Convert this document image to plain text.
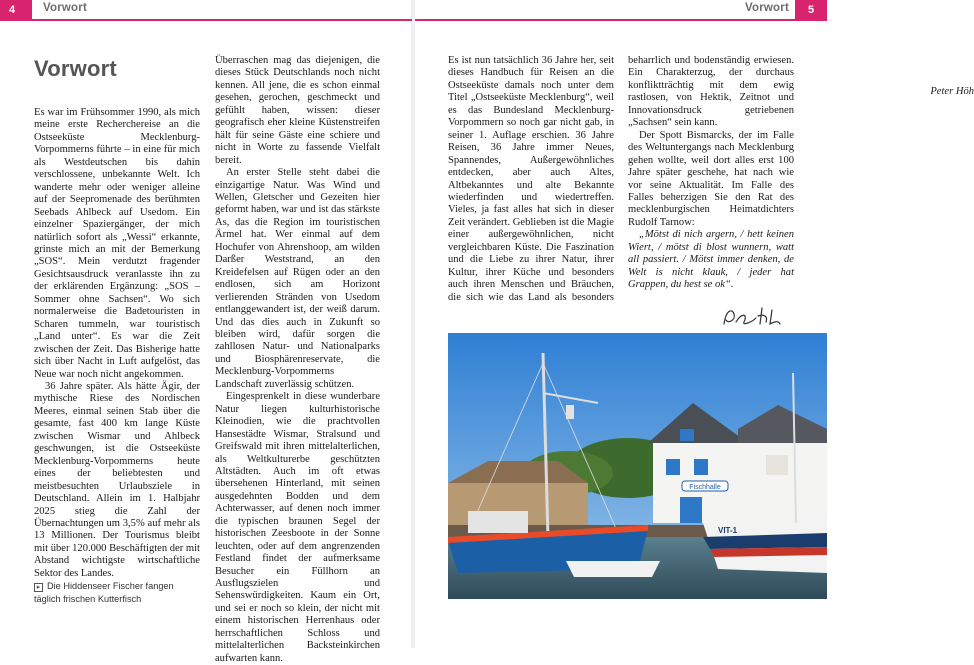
4	Vorwort
Vorwort

Es war im Frühsommer 1990, als mich meine erste Recherchereise an die Ostseeküste Mecklenburg-Vorpommerns führte – in eine für mich als Westdeutschen bis dahin verschlossene, unbekannte Welt. Ich wanderte mehr oder weniger alleine auf der Seepromenade des berühmten Seebads Ahlbeck auf Usedom. Ein einzelner Spaziergänger, der mich natürlich sofort als „Wessi“ erkannte, grinste mich an mit der Bemerkung „SOS“. Mein verdutzt fragender Gesichtsausdruck veranlasste ihn zu der erklärenden Ergänzung: „SOS – Sommer ohne Sachsen“. Wo sich normalerweise die Badetouristen in Scharen tummeln, war touristisch „Land unter“. Es war die Zeit zwischen der Zeit. Das Bisherige hatte sich über Nacht in Luft aufgelöst, das Neue war noch nicht angekommen.

36 Jahre später. Als hätte Ägir, der mythische Riese des Nordischen Meeres, einmal seinen Stab über die gesamte, fast 400 km lange Küste zwischen Wismar und Ahlbeck geschwungen, ist die Ostseeküste Mecklenburg-Vorpommerns heute eines der beliebtesten und meistbesuchten Urlaubsziele in Deutschland. Allein im 1. Halbjahr 2025 stieg die Zahl der Übernachtungen um 3,5% auf mehr als 13 Millionen. Der Tourismus bleibt mit über 120.000 Beschäftigten der mit Abstand wichtigste wirtschaftliche Sektor des Landes.

▸ Die Hiddenseer Fischer fangen täglich frischen Kutterfisch

Überraschen mag das diejenigen, die dieses Stück Deutschlands noch nicht kennen. All jene, die es schon einmal gesehen, gerochen, geschmeckt und gefühlt haben, wissen: dieser geografisch eher kleine Küstenstreifen hält für seine Gäste eine schiere und nicht in Worte zu fassende Vielfalt bereit.

An erster Stelle steht dabei die einzigartige Natur. Was Wind und Wellen, Gletscher und Gezeiten hier geformt haben, war und ist das stärkste As, das die Region im touristischen Ärmel hat. Wer einmal auf dem Hochufer von Ahrenshoop, am wilden Darßer Weststrand, an den Kreidefelsen auf Rügen oder an den endlosen, sich am Horizont verlierenden Stränden von Usedom entlanggewandert ist, der weiß darum. Und das dies auch in Zukunft so bleiben wird, dafür sorgen die zahllosen Natur- und Nationalparks und Biosphärenreservate, die Mecklenburg-Vorpommerns Landschaft zuverlässig schützen.

Eingesprenkelt in diese wunderbare Natur liegen kulturhistorische Kleinodien, wie die prachtvollen Hansestädte Wismar, Stralsund und Greifswald mit ihren mittelalterlichen, als Weltkulturerbe geschützten Altstädten. Auch im oft etwas übersehenen Hinterland, mit seinen ausgedehnten Bodden und dem Achterwasser, auf denen noch immer die typischen braunen Segel der historischen Zeesboote in der Sonne leuchten, oder auf dem angrenzenden Festland findet der aufmerksame Besucher ein Füllhorn an Ausflugszielen und Sehenswürdigkeiten. Kaum ein Ort, und sei er noch so klein, der nicht mit einem historischen Herrenhaus oder herrschaftlichen Schloss und mittelalterlichen Backsteinkirchen aufwarten kann.

Vorwort	5

Es ist nun tatsächlich 36 Jahre her, seit dieses Handbuch für Reisen an die Ostseeküste damals noch unter dem Titel „Ostseeküste Mecklenburg“, weil es das Bundesland Mecklenburg-Vorpommern so noch gar nicht gab, in seiner 1. Auflage erschien. 36 Jahre Reisen, 36 Jahre immer Neues, Spannendes, Außergewöhnliches entdecken, aber auch Altes, Altbekanntes und alte Bekannte wiederfinden und wiedertreffen. Vieles, ja fast alles hat sich in dieser Zeit verändert. Geblieben ist die Magie einer außergewöhnlichen, nicht vergleichbaren Küste. Die Faszination und die Liebe zu ihrer Natur, ihrer Kultur, ihrer Küche und besonders auch ihren Menschen und Bräuchen, die sich wie das Land als besonders beharrlich und bodenständig erwiesen. Ein Charakterzug, der durchaus konfliktträchtig mit dem ewig rastlosen, von Hektik, Zeitnot und Innovationsdruck getriebenen „Sachsen“ sein kann.

Der Spott Bismarcks, der im Falle des Weltuntergangs nach Mecklenburg gehen wollte, weil dort alles erst 100 Jahre später geschehe, hat nach wie vor seine Aktualität. Im Falle des Falles beherzigen Sie den Rat des mecklenburgischen Heimatdichters Rudolf Tarnow:

„Mötst di nich argern, / hett keinen Wiert, / mötst di blost wunnern, watt all passiert. / Mötst immer denken, de Welt is nicht klauk, / jeder hat Grappen, du hest se ok“.

Peter Höh

Fischhalle
VIT-1
